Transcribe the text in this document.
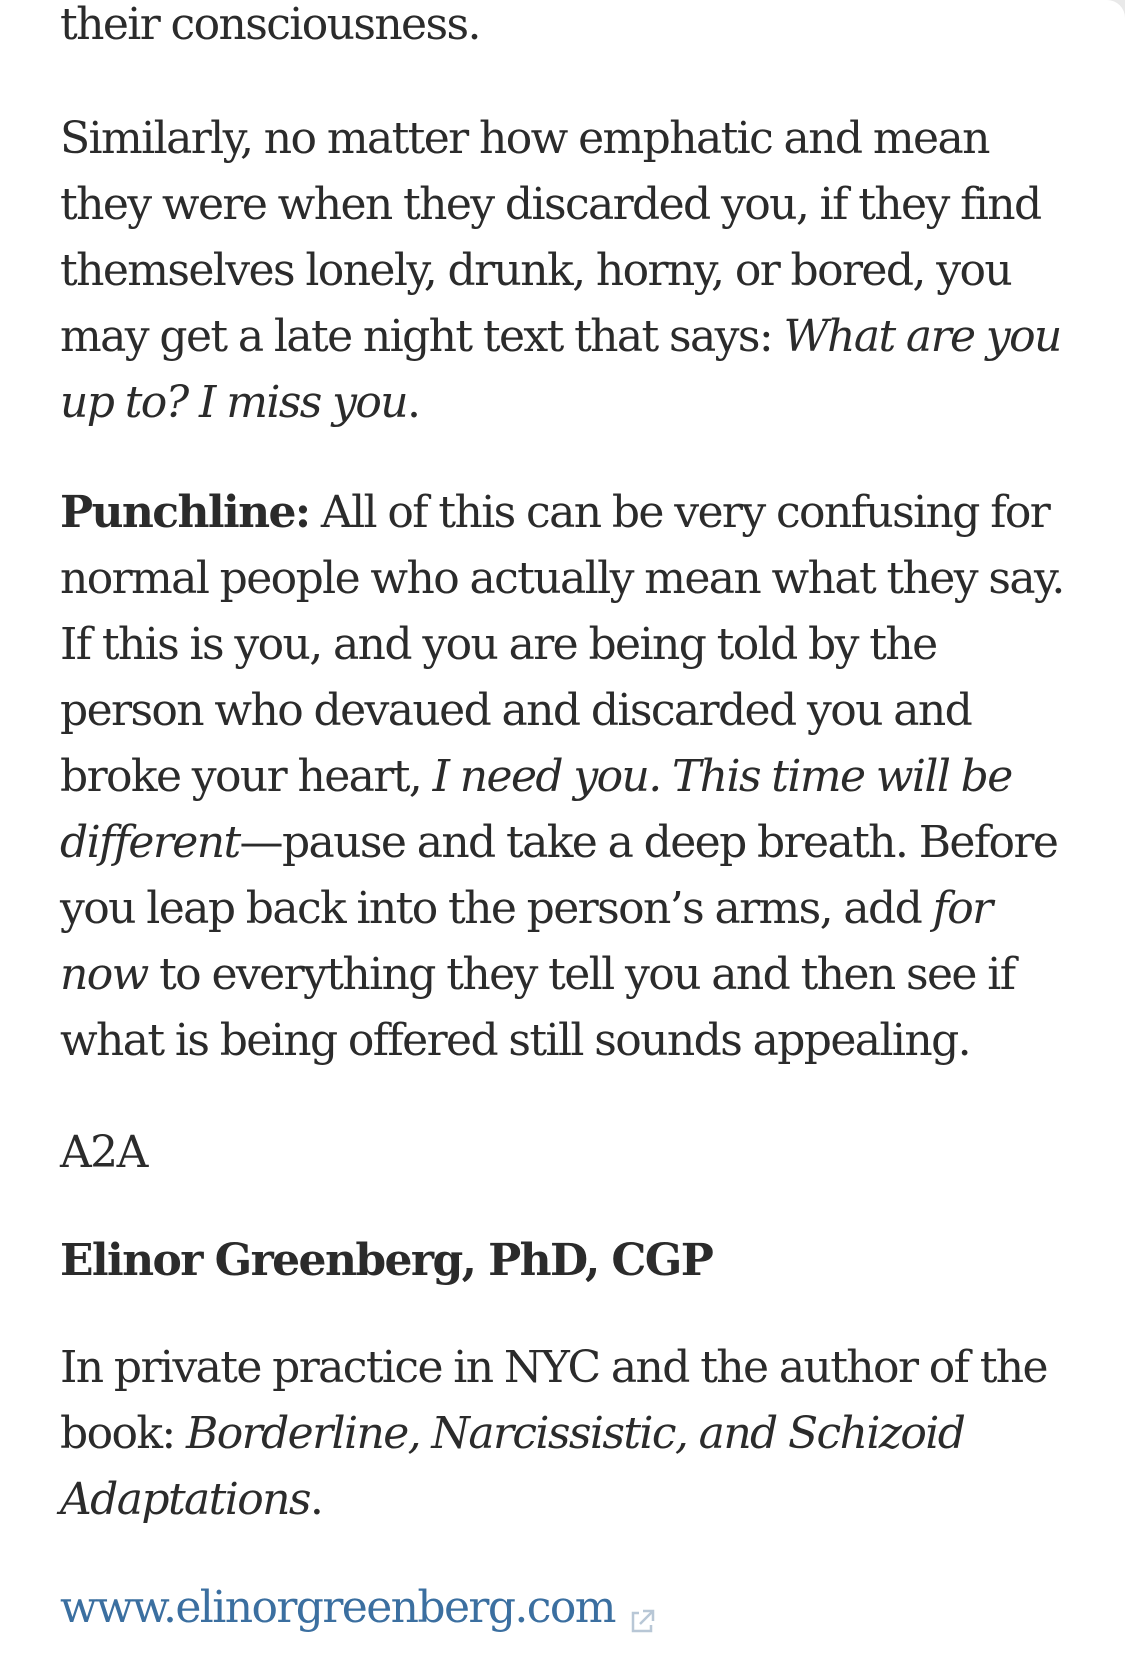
their consciousness.

Similarly, no matter how emphatic and mean they were when they discarded you, if they find themselves lonely, drunk, horny, or bored, you may get a late night text that says: What are you up to? I miss you.

Punchline: All of this can be very confusing for normal people who actually mean what they say. If this is you, and you are being told by the person who devaued and discarded you and broke your heart, I need you. This time will be different—pause and take a deep breath. Before you leap back into the person’s arms, add for now to everything they tell you and then see if what is being offered still sounds appealing.

A2A

Elinor Greenberg, PhD, CGP

In private practice in NYC and the author of the book: Borderline, Narcissistic, and Schizoid Adaptations.

www.elinorgreenberg.com
